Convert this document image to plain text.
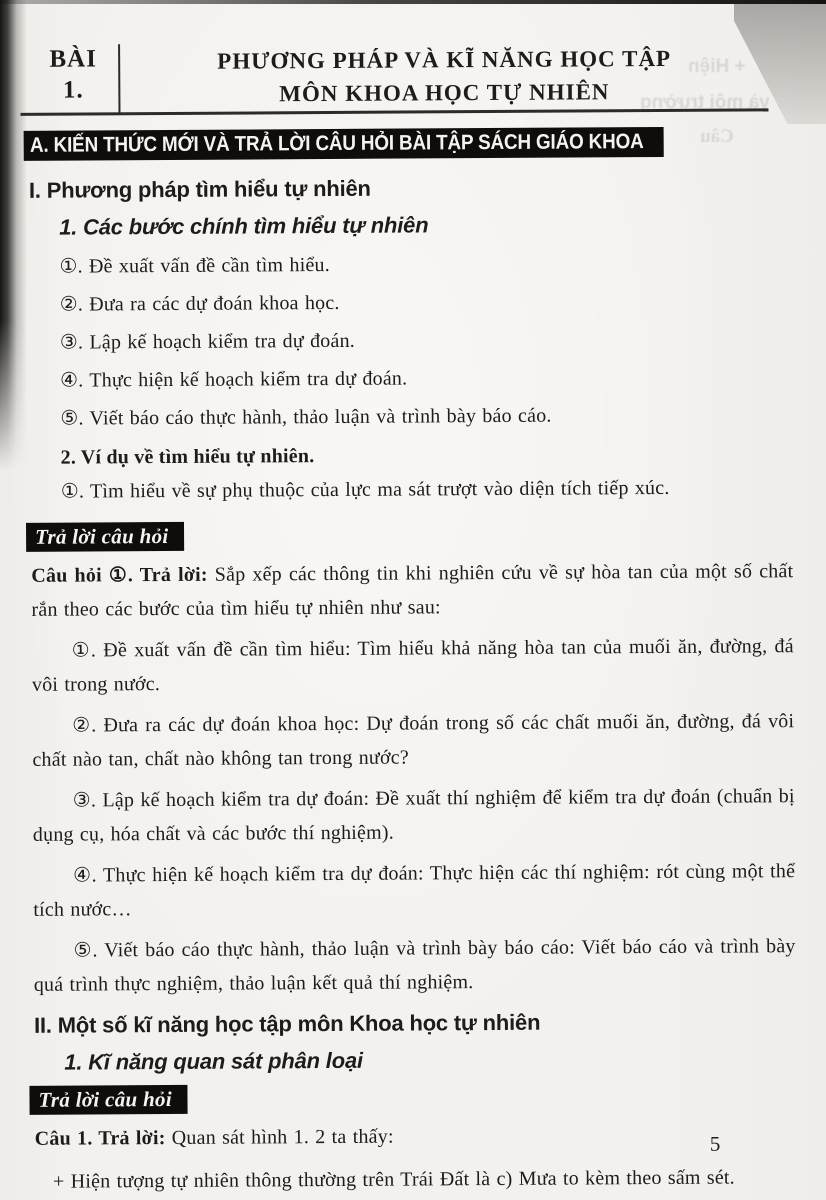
+ Hiện
và môi trường
Câu
BÀI
1.
PHƯƠNG PHÁP VÀ KĨ NĂNG HỌC TẬP
MÔN KHOA HỌC TỰ NHIÊN
A. KIẾN THỨC MỚI VÀ TRẢ LỜI CÂU HỎI BÀI TẬP SÁCH GIÁO KHOA
I. Phương pháp tìm hiểu tự nhiên
1. Các bước chính tìm hiểu tự nhiên

①. Đề xuất vấn đề cần tìm hiểu.

②. Đưa ra các dự đoán khoa học.

③. Lập kế hoạch kiểm tra dự đoán.

④. Thực hiện kế hoạch kiểm tra dự đoán.

⑤. Viết báo cáo thực hành, thảo luận và trình bày báo cáo.

2. Ví dụ về tìm hiểu tự nhiên.

①. Tìm hiểu về sự phụ thuộc của lực ma sát trượt vào diện tích tiếp xúc.

Trả lời câu hỏi

Câu hỏi ①. Trả lời: Sắp xếp các thông tin khi nghiên cứu về sự hòa tan của một số chất rắn theo các bước của tìm hiểu tự nhiên như sau:

①. Đề xuất vấn đề cần tìm hiểu: Tìm hiểu khả năng hòa tan của muối ăn, đường, đá vôi trong nước.

②. Đưa ra các dự đoán khoa học: Dự đoán trong số các chất muối ăn, đường, đá vôi chất nào tan, chất nào không tan trong nước?

③. Lập kế hoạch kiểm tra dự đoán: Đề xuất thí nghiệm để kiểm tra dự đoán (chuẩn bị dụng cụ, hóa chất và các bước thí nghiệm).

④. Thực hiện kế hoạch kiểm tra dự đoán: Thực hiện các thí nghiệm: rót cùng một thể tích nước…

⑤. Viết báo cáo thực hành, thảo luận và trình bày báo cáo: Viết báo cáo và trình bày quá trình thực nghiệm, thảo luận kết quả thí nghiệm.

II. Một số kĩ năng học tập môn Khoa học tự nhiên
1. Kĩ năng quan sát phân loại
Trả lời câu hỏi

Câu 1. Trả lời: Quan sát hình 1. 2 ta thấy:

+ Hiện tượng tự nhiên thông thường trên Trái Đất là c) Mưa to kèm theo sấm sét.

5
